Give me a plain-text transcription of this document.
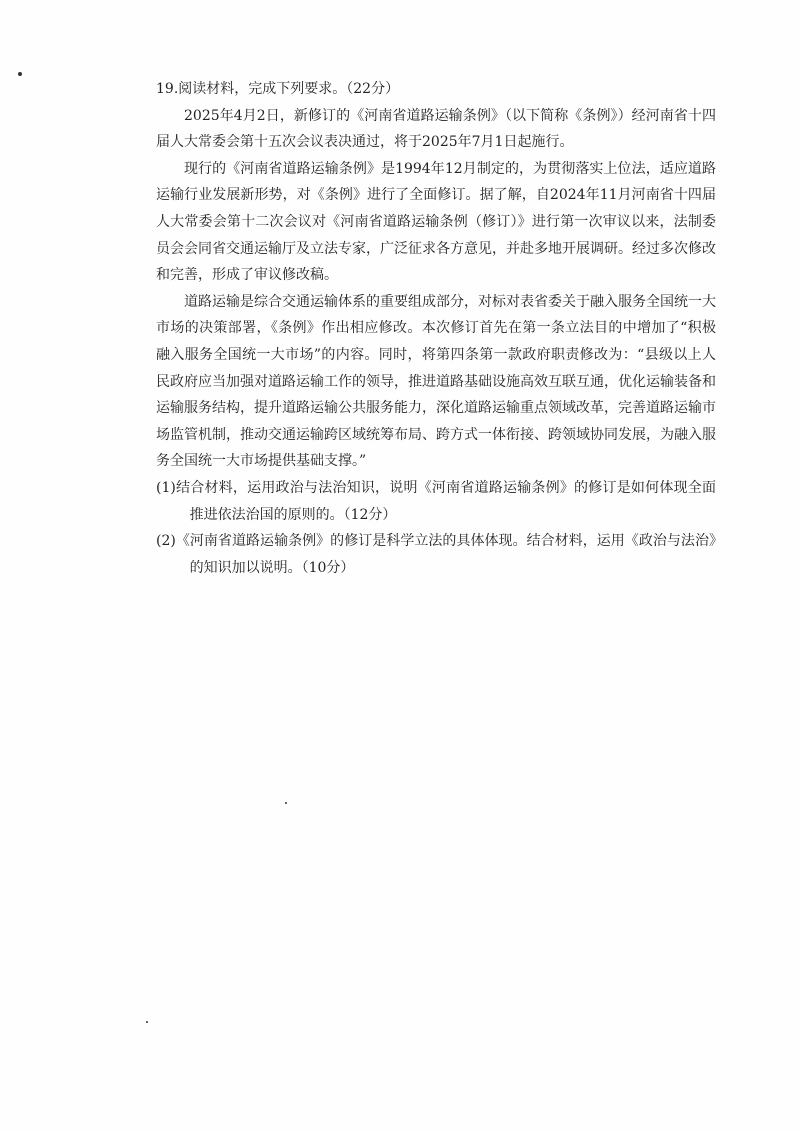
19.阅读材料，完成下列要求。（22分）

2025年4月2日，新修订的《河南省道路运输条例》（以下简称《条例》）经河南省十四届人大常委会第十五次会议表决通过，将于2025年7月1日起施行。

现行的《河南省道路运输条例》是1994年12月制定的，为贯彻落实上位法，适应道路运输行业发展新形势，对《条例》进行了全面修订。据了解，自2024年11月河南省十四届人大常委会第十二次会议对《河南省道路运输条例（修订）》进行第一次审议以来，法制委员会会同省交通运输厅及立法专家，广泛征求各方意见，并赴多地开展调研。经过多次修改和完善，形成了审议修改稿。

道路运输是综合交通运输体系的重要组成部分，对标对表省委关于融入服务全国统一大市场的决策部署，《条例》作出相应修改。本次修订首先在第一条立法目的中增加了“积极融入服务全国统一大市场”的内容。同时，将第四条第一款政府职责修改为：“县级以上人民政府应当加强对道路运输工作的领导，推进道路基础设施高效互联互通，优化运输装备和运输服务结构，提升道路运输公共服务能力，深化道路运输重点领域改革，完善道路运输市场监管机制，推动交通运输跨区域统筹布局、跨方式一体衔接、跨领域协同发展，为融入服务全国统一大市场提供基础支撑。”

(1)结合材料，运用政治与法治知识，说明《河南省道路运输条例》的修订是如何体现全面推进依法治国的原则的。（12分）

(2)《河南省道路运输条例》的修订是科学立法的具体体现。结合材料，运用《政治与法治》的知识加以说明。（10分）
